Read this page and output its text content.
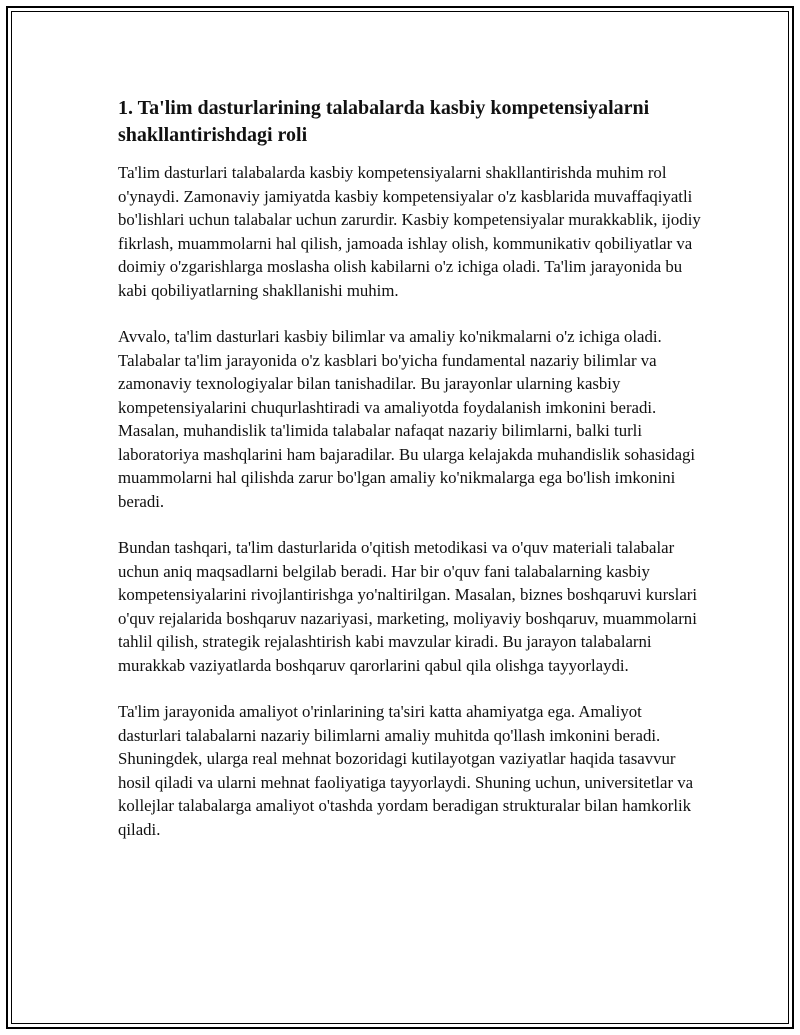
1. Ta'lim dasturlarining talabalarda kasbiy kompetensiyalarni shakllantirishdagi roli

Ta'lim dasturlari talabalarda kasbiy kompetensiyalarni shakllantirishda muhim rol o'ynaydi. Zamonaviy jamiyatda kasbiy kompetensiyalar o'z kasblarida muvaffaqiyatli bo'lishlari uchun talabalar uchun zarurdir. Kasbiy kompetensiyalar murakkablik, ijodiy fikrlash, muammolarni hal qilish, jamoada ishlay olish, kommunikativ qobiliyatlar va doimiy o'zgarishlarga moslasha olish kabilarni o'z ichiga oladi. Ta'lim jarayonida bu kabi qobiliyatlarning shakllanishi muhim.

Avvalo, ta'lim dasturlari kasbiy bilimlar va amaliy ko'nikmalarni o'z ichiga oladi. Talabalar ta'lim jarayonida o'z kasblari bo'yicha fundamental nazariy bilimlar va zamonaviy texnologiyalar bilan tanishadilar. Bu jarayonlar ularning kasbiy kompetensiyalarini chuqurlashtiradi va amaliyotda foydalanish imkonini beradi. Masalan, muhandislik ta'limida talabalar nafaqat nazariy bilimlarni, balki turli laboratoriya mashqlarini ham bajaradilar. Bu ularga kelajakda muhandislik sohasidagi muammolarni hal qilishda zarur bo'lgan amaliy ko'nikmalarga ega bo'lish imkonini beradi.

Bundan tashqari, ta'lim dasturlarida o'qitish metodikasi va o'quv materiali talabalar uchun aniq maqsadlarni belgilab beradi. Har bir o'quv fani talabalarning kasbiy kompetensiyalarini rivojlantirishga yo'naltirilgan. Masalan, biznes boshqaruvi kurslari o'quv rejalarida boshqaruv nazariyasi, marketing, moliyaviy boshqaruv, muammolarni tahlil qilish, strategik rejalashtirish kabi mavzular kiradi. Bu jarayon talabalarni murakkab vaziyatlarda boshqaruv qarorlarini qabul qila olishga tayyorlaydi.

Ta'lim jarayonida amaliyot o'rinlarining ta'siri katta ahamiyatga ega. Amaliyot dasturlari talabalarni nazariy bilimlarni amaliy muhitda qo'llash imkonini beradi. Shuningdek, ularga real mehnat bozoridagi kutilayotgan vaziyatlar haqida tasavvur hosil qiladi va ularni mehnat faoliyatiga tayyorlaydi. Shuning uchun, universitetlar va kollejlar talabalarga amaliyot o'tashda yordam beradigan strukturalar bilan hamkorlik qiladi.
